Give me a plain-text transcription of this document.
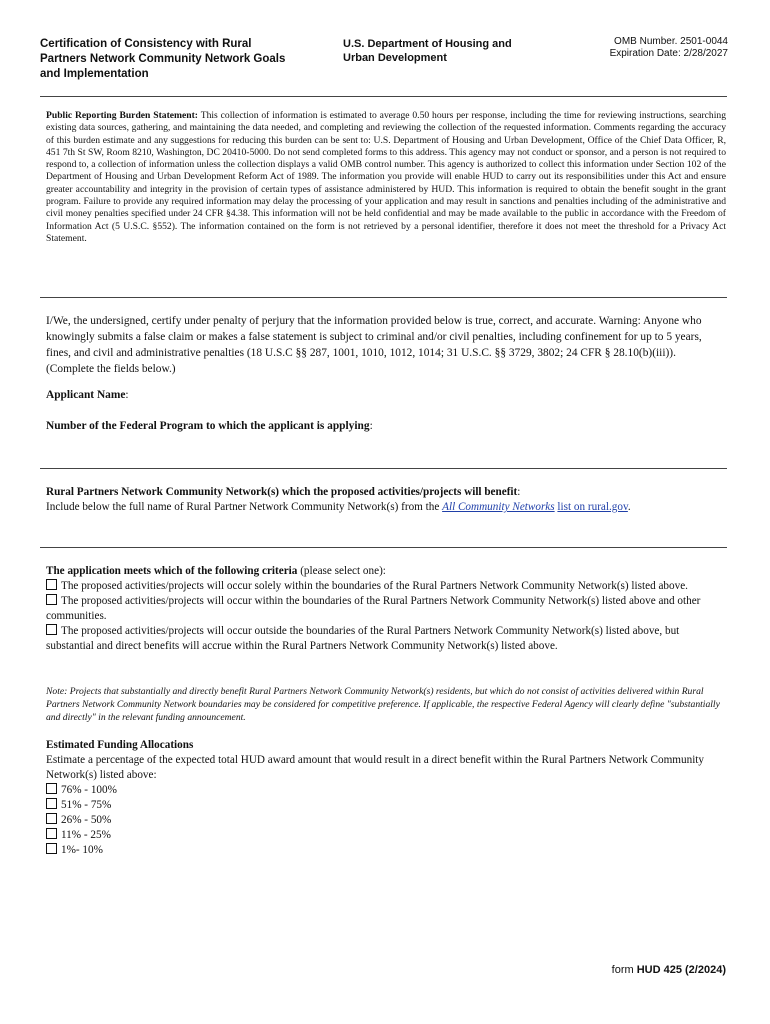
Certification of Consistency with Rural Partners Network Community Network Goals and Implementation
U.S. Department of Housing and Urban Development
OMB Number. 2501-0044
Expiration Date: 2/28/2027
Public Reporting Burden Statement: This collection of information is estimated to average 0.50 hours per response, including the time for reviewing instructions, searching existing data sources, gathering, and maintaining the data needed, and completing and reviewing the collection of the requested information. Comments regarding the accuracy of this burden estimate and any suggestions for reducing this burden can be sent to: U.S. Department of Housing and Urban Development, Office of the Chief Data Officer, R, 451 7th St SW, Room 8210, Washington, DC 20410-5000. Do not send completed forms to this address. This agency may not conduct or sponsor, and a person is not required to respond to, a collection of information unless the collection displays a valid OMB control number. This agency is authorized to collect this information under Section 102 of the Department of Housing and Urban Development Reform Act of 1989. The information you provide will enable HUD to carry out its responsibilities under this Act and ensure greater accountability and integrity in the provision of certain types of assistance administered by HUD. This information is required to obtain the benefit sought in the grant program. Failure to provide any required information may delay the processing of your application and may result in sanctions and penalties including of the administrative and civil money penalties specified under 24 CFR §4.38. This information will not be held confidential and may be made available to the public in accordance with the Freedom of Information Act (5 U.S.C. §552). The information contained on the form is not retrieved by a personal identifier, therefore it does not meet the threshold for a Privacy Act Statement.
I/We, the undersigned, certify under penalty of perjury that the information provided below is true, correct, and accurate. Warning: Anyone who knowingly submits a false claim or makes a false statement is subject to criminal and/or civil penalties, including confinement for up to 5 years, fines, and civil and administrative penalties (18 U.S.C §§ 287, 1001, 1010, 1012, 1014; 31 U.S.C. §§ 3729, 3802; 24 CFR § 28.10(b)(iii)). (Complete the fields below.)
Applicant Name:
Number of the Federal Program to which the applicant is applying:
Rural Partners Network Community Network(s) which the proposed activities/projects will benefit:
Include below the full name of Rural Partner Network Community Network(s) from the All Community Networks list on rural.gov.
The application meets which of the following criteria (please select one):
The proposed activities/projects will occur solely within the boundaries of the Rural Partners Network Community Network(s) listed above.
The proposed activities/projects will occur within the boundaries of the Rural Partners Network Community Network(s) listed above and other communities.
The proposed activities/projects will occur outside the boundaries of the Rural Partners Network Community Network(s) listed above, but substantial and direct benefits will accrue within the Rural Partners Network Community Network(s) listed above.
Note: Projects that substantially and directly benefit Rural Partners Network Community Network(s) residents, but which do not consist of activities delivered within Rural Partners Network Community Network boundaries may be considered for competitive preference. If applicable, the respective Federal Agency will clearly define "substantially and directly" in the relevant funding announcement.
Estimated Funding Allocations
Estimate a percentage of the expected total HUD award amount that would result in a direct benefit within the Rural Partners Network Community Network(s) listed above:
76% - 100%
51% - 75%
26% - 50%
11% - 25%
1%- 10%
form HUD 425 (2/2024)
